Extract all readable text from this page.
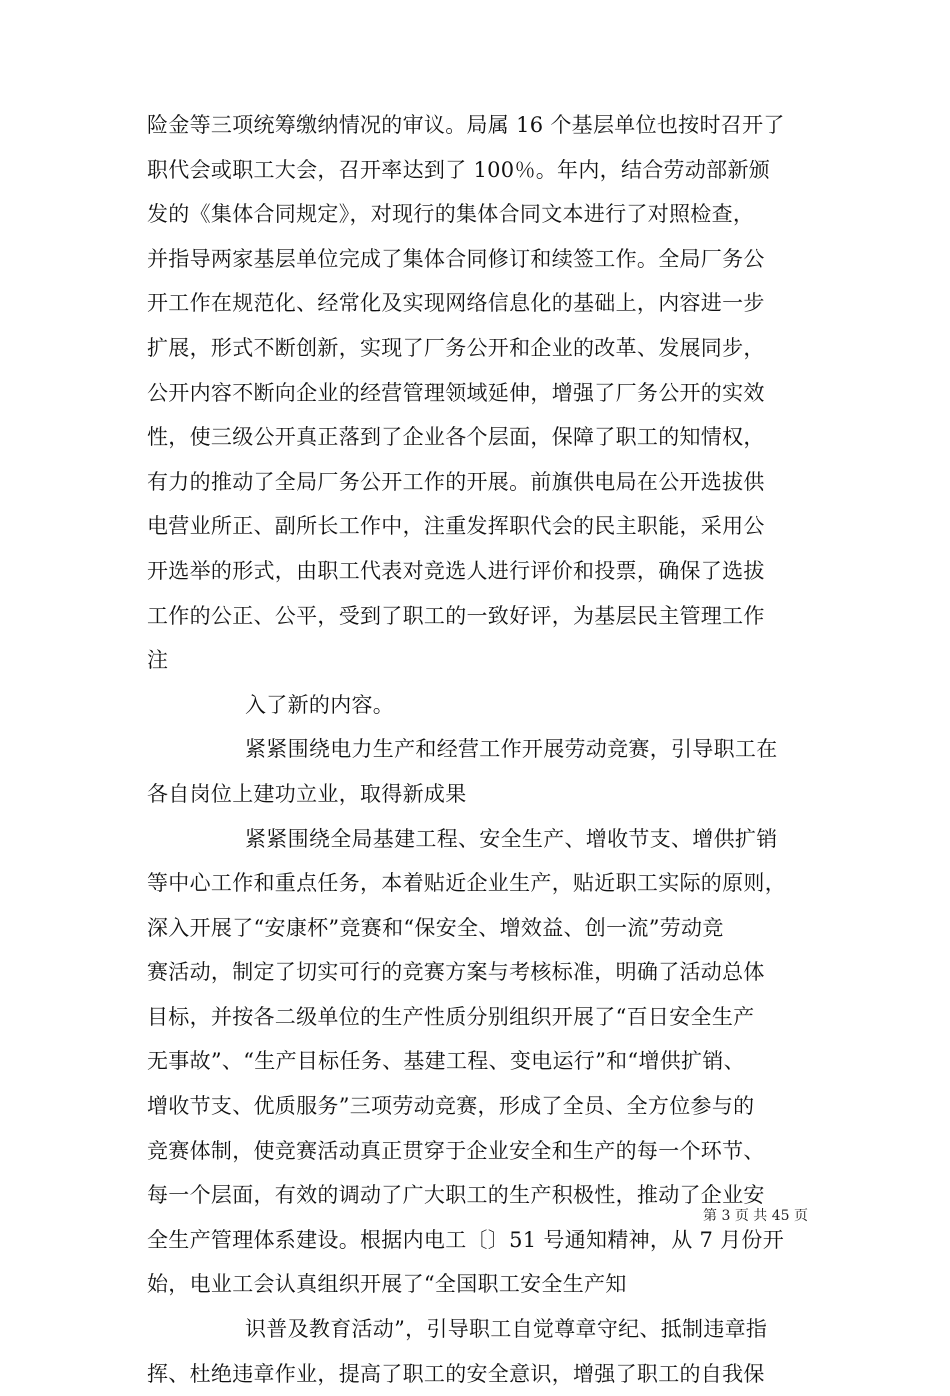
险金等三项统筹缴纳情况的审议。局属 16 个基层单位也按时召开了
职代会或职工大会，召开率达到了 100％。年内，结合劳动部新颁
发的《集体合同规定》，对现行的集体合同文本进行了对照检查，
并指导两家基层单位完成了集体合同修订和续签工作。全局厂务公
开工作在规范化、经常化及实现网络信息化的基础上，内容进一步
扩展，形式不断创新，实现了厂务公开和企业的改革、发展同步，
公开内容不断向企业的经营管理领域延伸，增强了厂务公开的实效
性，使三级公开真正落到了企业各个层面，保障了职工的知情权，
有力的推动了全局厂务公开工作的开展。前旗供电局在公开选拔供
电营业所正、副所长工作中，注重发挥职代会的民主职能，采用公
开选举的形式，由职工代表对竞选人进行评价和投票，确保了选拔
工作的公正、公平，受到了职工的一致好评，为基层民主管理工作
注
入了新的内容。
紧紧围绕电力生产和经营工作开展劳动竞赛，引导职工在
各自岗位上建功立业，取得新成果
紧紧围绕全局基建工程、安全生产、增收节支、增供扩销
等中心工作和重点任务，本着贴近企业生产，贴近职工实际的原则，
深入开展了“安康杯”竞赛和“保安全、增效益、创一流”劳动竞
赛活动，制定了切实可行的竞赛方案与考核标准，明确了活动总体
目标，并按各二级单位的生产性质分别组织开展了“百日安全生产
无事故”、“生产目标任务、基建工程、变电运行”和“增供扩销、
增收节支、优质服务”三项劳动竞赛，形成了全员、全方位参与的
竞赛体制，使竞赛活动真正贯穿于企业安全和生产的每一个环节、
每一个层面，有效的调动了广大职工的生产积极性，推动了企业安
全生产管理体系建设。根据内电工〔〕51 号通知精神，从 7 月份开
始，电业工会认真组织开展了“全国职工安全生产知
识普及教育活动”，引导职工自觉尊章守纪、抵制违章指
挥、杜绝违章作业，提高了职工的安全意识，增强了职工的自我保
第 3 页 共 45 页
